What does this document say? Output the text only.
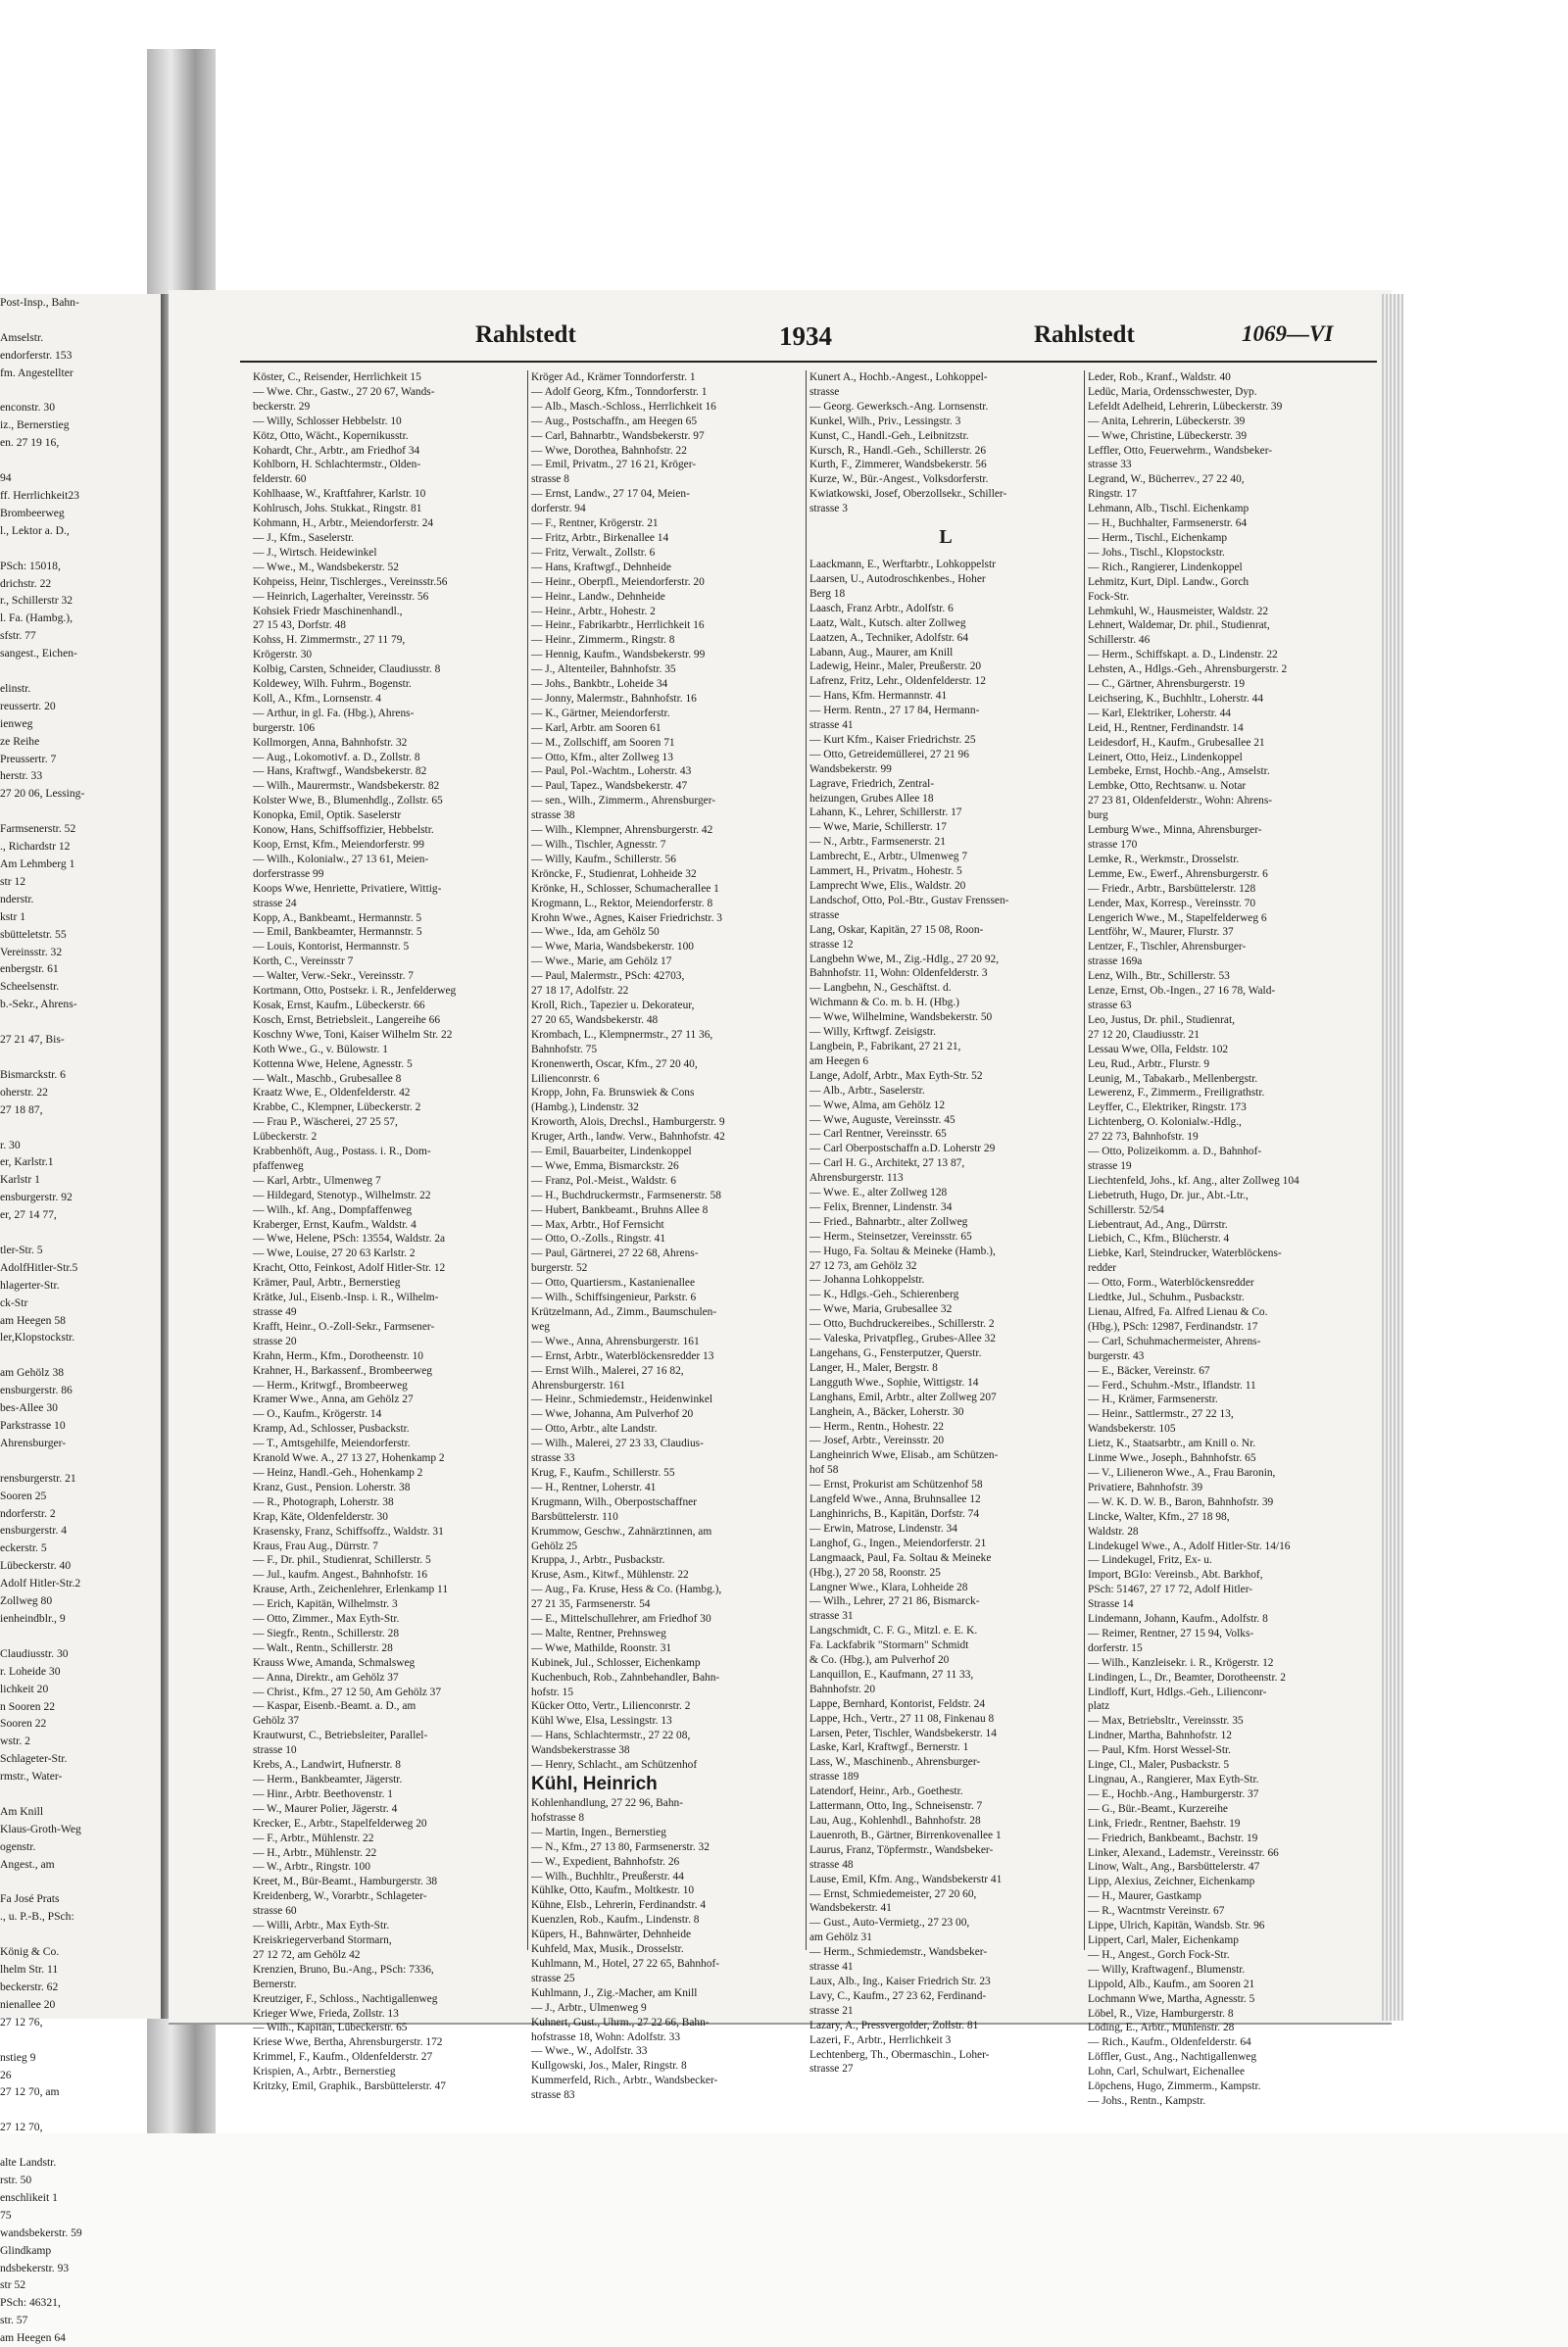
Post-Insp., Bahn-

Amselstr.
endorferstr. 153
fm. Angestellter

enconstr. 30
iz., Bernerstieg
en. 27 19 16,

94
ff. Herrlichkeit23
Brombeerweg
l., Lektor a. D.,

PSch: 15018,
drichstr. 22
r., Schillerstr 32
l. Fa. (Hambg.),
sfstr. 77
sangest., Eichen-

elinstr.
reussertr. 20
ienweg
ze Reihe
Preussertr. 7
herstr. 33
27 20 06, Lessing-

Farmsenerstr. 52
., Richardstr 12
Am Lehmberg 1
str 12
nderstr.
kstr 1
sbütteletstr. 55
Vereinsstr. 32
enbergstr. 61
Scheelsenstr.
b.-Sekr., Ahrens-

27 21 47, Bis-

Bismarckstr. 6
oherstr. 22
27 18 87,

r. 30
er, Karlstr.1
Karlstr 1
ensburgerstr. 92
er, 27 14 77,

tler-Str. 5
AdolfHitler-Str.5
hlagerter-Str.
ck-Str
am Heegen 58
ler,Klopstockstr.

am Gehölz 38
ensburgerstr. 86
bes-Allee 30
Parkstrasse 10
Ahrensburger-

rensburgerstr. 21
Sooren 25
ndorferstr. 2
ensburgerstr. 4
eckerstr. 5
Lübeckerstr. 40
Adolf Hitler-Str.2
Zollweg 80
ienheindblr., 9

Claudiusstr. 30
r. Loheide 30
lichkeit 20
n Sooren 22
Sooren 22
wstr. 2
Schlageter-Str.
rmstr., Water-

Am Knill
Klaus-Groth-Weg
ogenstr.
Angest., am

Fa José Prats
., u. P.-B., PSch:

König & Co.
lhelm Str. 11
beckerstr. 62
nienallee 20
27 12 76,

nstieg 9
26
27 12 70, am

27 12 70,

alte Landstr.
rstr. 50
enschlikeit 1
75
wandsbekerstr. 59
Glindkamp
ndsbekerstr. 93
str 52
PSch: 46321,
str. 57
am Heegen 64
Rahlstedt	1934	Rahlstedt	1069—VI
Köster, C., Reisender, Herrlichkeit 15
— Wwe. Chr., Gastw., 27 20 67, Wands-
beckerstr. 29
— Willy, Schlosser Hebbelstr. 10
Kötz, Otto, Wächt., Kopernikusstr.
Kohardt, Chr., Arbtr., am Friedhof 34
Kohlborn, H. Schlachtermstr., Olden-
felderstr. 60
Kohlhaase, W., Kraftfahrer, Karlstr. 10
Kohlrusch, Johs. Stukkat., Ringstr. 81
Kohmann, H., Arbtr., Meiendorferstr. 24
— J., Kfm., Saselerstr.
— J., Wirtsch. Heidewinkel
— Wwe., M., Wandsbekerstr. 52
Kohpeiss, Heinr, Tischlerges., Vereinsstr.56
— Heinrich, Lagerhalter, Vereinsstr. 56
Kohsiek Friedr Maschinenhandl.,
27 15 43, Dorfstr. 48
Kohss, H. Zimmermstr., 27 11 79,
Krögerstr. 30
Kolbig, Carsten, Schneider, Claudiusstr. 8
Koldewey, Wilh. Fuhrm., Bogenstr.
Koll, A., Kfm., Lornsenstr. 4
— Arthur, in gl. Fa. (Hbg.), Ahrens-
burgerstr. 106
Kollmorgen, Anna, Bahnhofstr. 32
— Aug., Lokomotivf. a. D., Zollstr. 8
— Hans, Kraftwgf., Wandsbekerstr. 82
— Wilh., Maurermstr., Wandsbekerstr. 82
Kolster Wwe, B., Blumenhdlg., Zollstr. 65
Konopka, Emil, Optik. Saselerstr
Konow, Hans, Schiffsoffizier, Hebbelstr.
Koop, Ernst, Kfm., Meiendorferstr. 99
— Wilh., Kolonialw., 27 13 61, Meien-
dorferstrasse 99
Koops Wwe, Henriette, Privatiere, Wittig-
strasse 24
Kopp, A., Bankbeamt., Hermannstr. 5
— Emil, Bankbeamter, Hermannstr. 5
— Louis, Kontorist, Hermannstr. 5
Korth, C., Vereinsstr 7
— Walter, Verw.-Sekr., Vereinsstr. 7
Kortmann, Otto, Postsekr. i. R., Jenfelderweg
Kosak, Ernst, Kaufm., Lübeckerstr. 66
Kosch, Ernst, Betriebsleit., Langereihe 66
Koschny Wwe, Toni, Kaiser Wilhelm Str. 22
Koth Wwe., G., v. Bülowstr. 1
Kottenna Wwe, Helene, Agnesstr. 5
— Walt., Maschb., Grubesallee 8
Kraatz Wwe, E., Oldenfelderstr. 42
Krabbe, C., Klempner, Lübeckerstr. 2
— Frau P., Wäscherei, 27 25 57,
Lübeckerstr. 2
Krabbenhöft, Aug., Postass. i. R., Dom-
pfaffenweg
— Karl, Arbtr., Ulmenweg 7
— Hildegard, Stenotyp., Wilhelmstr. 22
— Wilh., kf. Ang., Dompfaffenweg
Kraberger, Ernst, Kaufm., Waldstr. 4
— Wwe, Helene, PSch: 13554, Waldstr. 2a
— Wwe, Louise, 27 20 63 Karlstr. 2
Kracht, Otto, Feinkost, Adolf Hitler-Str. 12
Krämer, Paul, Arbtr., Bernerstieg
Krätke, Jul., Eisenb.-Insp. i. R., Wilhelm-
strasse 49
Krafft, Heinr., O.-Zoll-Sekr., Farmsener-
strasse 20
Krahn, Herm., Kfm., Dorotheenstr. 10
Krahner, H., Barkassenf., Brombeerweg
— Herm., Kritwgf., Brombeerweg
Kramer Wwe., Anna, am Gehölz 27
— O., Kaufm., Krögerstr. 14
Kramp, Ad., Schlosser, Pusbackstr.
— T., Amtsgehilfe, Meiendorferstr.
Kranold Wwe. A., 27 13 27, Hohenkamp 2
— Heinz, Handl.-Geh., Hohenkamp 2
Kranz, Gust., Pension. Loherstr. 38
— R., Photograph, Loherstr. 38
Krap, Käte, Oldenfelderstr. 30
Krasensky, Franz, Schiffsoffz., Waldstr. 31
Kraus, Frau Aug., Dürrstr. 7
— F., Dr. phil., Studienrat, Schillerstr. 5
— Jul., kaufm. Angest., Bahnhofstr. 16
Krause, Arth., Zeichenlehrer, Erlenkamp 11
— Erich, Kapitän, Wilhelmstr. 3
— Otto, Zimmer., Max Eyth-Str.
— Siegfr., Rentn., Schillerstr. 28
— Walt., Rentn., Schillerstr. 28
Krauss Wwe, Amanda, Schmalsweg
— Anna, Direktr., am Gehölz 37
— Christ., Kfm., 27 12 50, Am Gehölz 37
— Kaspar, Eisenb.-Beamt. a. D., am
Gehölz 37
Krautwurst, C., Betriebsleiter, Parallel-
strasse 10
Krebs, A., Landwirt, Hufnerstr. 8
— Herm., Bankbeamter, Jägerstr.
— Hinr., Arbtr. Beethovenstr. 1
— W., Maurer Polier, Jägerstr. 4
Krecker, E., Arbtr., Stapelfelderweg 20
— F., Arbtr., Mühlenstr. 22
— H., Arbtr., Mühlenstr. 22
— W., Arbtr., Ringstr. 100
Kreet, M., Bür-Beamt., Hamburgerstr. 38
Kreidenberg, W., Vorarbtr., Schlageter-
strasse 60
— Willi, Arbtr., Max Eyth-Str.
Kreiskriegerverband Stormarn,
27 12 72, am Gehölz 42
Krenzien, Bruno, Bu.-Ang., PSch: 7336,
Bernerstr.
Kreutziger, F., Schloss., Nachtigallenweg
Krieger Wwe, Frieda, Zollstr. 13
— Wilh., Kapitän, Lübeckerstr. 65
Kriese Wwe, Bertha, Ahrensburgerstr. 172
Krimmel, F., Kaufm., Oldenfelderstr. 27
Krispien, A., Arbtr., Bernerstieg
Kritzky, Emil, Graphik., Barsbüttelerstr. 47
Kröger Ad., Krämer Tonndorferstr. 1
— Adolf Georg, Kfm., Tonndorferstr. 1
— Alb., Masch.-Schloss., Herrlichkeit 16
— Aug., Postschaffn., am Heegen 65
— Carl, Bahnarbtr., Wandsbekerstr. 97
— Wwe, Dorothea, Bahnhofstr. 22
— Emil, Privatm., 27 16 21, Kröger-
strasse 8
— Ernst, Landw., 27 17 04, Meien-
dorferstr. 94
— F., Rentner, Krögerstr. 21
— Fritz, Arbtr., Birkenallee 14
— Fritz, Verwalt., Zollstr. 6
— Hans, Kraftwgf., Dehnheide
— Heinr., Oberpfl., Meiendorferstr. 20
— Heinr., Landw., Dehnheide
— Heinr., Arbtr., Hohestr. 2
— Heinr., Fabrikarbtr., Herrlichkeit 16
— Heinr., Zimmerm., Ringstr. 8
— Hennig, Kaufm., Wandsbekerstr. 99
— J., Altenteiler, Bahnhofstr. 35
— Johs., Bankbtr., Loheide 34
— Jonny, Malermstr., Bahnhofstr. 16
— K., Gärtner, Meiendorferstr.
— Karl, Arbtr. am Sooren 61
— M., Zollschiff, am Sooren 71
— Otto, Kfm., alter Zollweg 13
— Paul, Pol.-Wachtm., Loherstr. 43
— Paul, Tapez., Wandsbekerstr. 47
— sen., Wilh., Zimmerm., Ahrensburger-
strasse 38
— Wilh., Klempner, Ahrensburgerstr. 42
— Wilh., Tischler, Agnesstr. 7
— Willy, Kaufm., Schillerstr. 56
Kröncke, F., Studienrat, Lohheide 32
Krönke, H., Schlosser, Schumacherallee 1
Krogmann, L., Rektor, Meiendorferstr. 8
Krohn Wwe., Agnes, Kaiser Friedrichstr. 3
— Wwe., Ida, am Gehölz 50
— Wwe, Maria, Wandsbekerstr. 100
— Wwe., Marie, am Gehölz 17
— Paul, Malermstr., PSch: 42703,
27 18 17, Adolfstr. 22
Kroll, Rich., Tapezier u. Dekorateur,
27 20 65, Wandsbekerstr. 48
Krombach, L., Klempnermstr., 27 11 36,
Bahnhofstr. 75
Kronenwerth, Oscar, Kfm., 27 20 40,
Lilienconrstr. 6
Kropp, John, Fa. Brunswiek & Cons
(Hambg.), Lindenstr. 32
Kroworth, Alois, Drechsl., Hamburgerstr. 9
Kruger, Arth., landw. Verw., Bahnhofstr. 42
— Emil, Bauarbeiter, Lindenkoppel
— Wwe, Emma, Bismarckstr. 26
— Franz, Pol.-Meist., Waldstr. 6
— H., Buchdruckermstr., Farmsenerstr. 58
— Hubert, Bankbeamt., Bruhns Allee 8
— Max, Arbtr., Hof Fernsicht
— Otto, O.-Zolls., Ringstr. 41
— Paul, Gärtnerei, 27 22 68, Ahrens-
burgerstr. 52
— Otto, Quartiersm., Kastanienallee
— Wilh., Schiffsingenieur, Parkstr. 6
Krützelmann, Ad., Zimm., Baumschulen-
weg
— Wwe., Anna, Ahrensburgerstr. 161
— Ernst, Arbtr., Waterblöckensredder 13
— Ernst Wilh., Malerei, 27 16 82,
Ahrensburgerstr. 161
— Heinr., Schmiedemstr., Heidenwinkel
— Wwe, Johanna, Am Pulverhof 20
— Otto, Arbtr., alte Landstr.
— Wilh., Malerei, 27 23 33, Claudius-
strasse 33
Krug, F., Kaufm., Schillerstr. 55
— H., Rentner, Loherstr. 41
Krugmann, Wilh., Oberpostschaffner
Barsbüttelerstr. 110
Krummow, Geschw., Zahnärztinnen, am
Gehölz 25
Kruppa, J., Arbtr., Pusbackstr.
Kruse, Asm., Kitwf., Mühlenstr. 22
— Aug., Fa. Kruse, Hess & Co. (Hambg.),
27 21 35, Farmsenerstr. 54
— E., Mittelschullehrer, am Friedhof 30
— Malte, Rentner, Prehnsweg
— Wwe, Mathilde, Roonstr. 31
Kubinek, Jul., Schlosser, Eichenkamp
Kuchenbuch, Rob., Zahnbehandler, Bahn-
hofstr. 15
Kücker Otto, Vertr., Lilienconrstr. 2
Kühl Wwe, Elsa, Lessingstr. 13
— Hans, Schlachtermstr., 27 22 08,
Wandsbekerstrasse 38
— Henry, Schlacht., am Schützenhof
Kühl, Heinrich
Kohlenhandlung, 27 22 96, Bahn-
hofstrasse 8
— Martin, Ingen., Bernerstieg
— N., Kfm., 27 13 80, Farmsenerstr. 32
— W., Expedient, Bahnhofstr. 26
— Wilh., Buchhltr., Preußerstr. 44
Kühlke, Otto, Kaufm., Moltkestr. 10
Kühne, Elsb., Lehrerin, Ferdinandstr. 4
Kuenzlen, Rob., Kaufm., Lindenstr. 8
Küpers, H., Bahnwärter, Dehnheide
Kuhfeld, Max, Musik., Drosselstr.
Kuhlmann, M., Hotel, 27 22 65, Bahnhof-
strasse 25
Kuhlmann, J., Zig.-Macher, am Knill
— J., Arbtr., Ulmenweg 9
Kuhnert, Gust., Uhrm., 27 22 66, Bahn-
hofstrasse 18, Wohn: Adolfstr. 33
— Wwe., W., Adolfstr. 33
Kullgowski, Jos., Maler, Ringstr. 8
Kummerfeld, Rich., Arbtr., Wandsbecker-
strasse 83
Kunert A., Hochb.-Angest., Lohkoppel-
strasse
— Georg. Gewerksch.-Ang. Lornsenstr.
Kunkel, Wilh., Priv., Lessingstr. 3
Kunst, C., Handl.-Geh., Leibnitzstr.
Kursch, R., Handl.-Geh., Schillerstr. 26
Kurth, F., Zimmerer, Wandsbekerstr. 56
Kurze, W., Bür.-Angest., Volksdorferstr.
Kwiatkowski, Josef, Oberzollsekr., Schiller-
strasse 3
L
Laackmann, E., Werftarbtr., Lohkoppelstr
Laarsen, U., Autodroschkenbes., Hoher
Berg 18
Laasch, Franz Arbtr., Adolfstr. 6
Laatz, Walt., Kutsch. alter Zollweg
Laatzen, A., Techniker, Adolfstr. 64
Labann, Aug., Maurer, am Knill
Ladewig, Heinr., Maler, Preußerstr. 20
Lafrenz, Fritz, Lehr., Oldenfelderstr. 12
— Hans, Kfm. Hermannstr. 41
— Herm. Rentn., 27 17 84, Hermann-
strasse 41
— Kurt Kfm., Kaiser Friedrichstr. 25
— Otto, Getreidemüllerei, 27 21 96
Wandsbekerstr. 99
Lagrave, Friedrich, Zentral-
heizungen, Grubes Allee 18
Lahann, K., Lehrer, Schillerstr. 17
— Wwe, Marie, Schillerstr. 17
— N., Arbtr., Farmsenerstr. 21
Lambrecht, E., Arbtr., Ulmenweg 7
Lammert, H., Privatm., Hohestr. 5
Lamprecht Wwe, Elis., Waldstr. 20
Landschof, Otto, Pol.-Btr., Gustav Frenssen-
strasse
Lang, Oskar, Kapitän, 27 15 08, Roon-
strasse 12
Langbehn Wwe, M., Zig.-Hdlg., 27 20 92,
Bahnhofstr. 11, Wohn: Oldenfelderstr. 3
— Langbehn, N., Geschäftst. d.
Wichmann & Co. m. b. H. (Hbg.)
— Wwe, Wilhelmine, Wandsbekerstr. 50
— Willy, Krftwgf. Zeisigstr.
Langbein, P., Fabrikant, 27 21 21,
am Heegen 6
Lange, Adolf, Arbtr., Max Eyth-Str. 52
— Alb., Arbtr., Saselerstr.
— Wwe, Alma, am Gehölz 12
— Wwe, Auguste, Vereinsstr. 45
— Carl Rentner, Vereinsstr. 65
— Carl Oberpostschaffn a.D. Loherstr 29
— Carl H. G., Architekt, 27 13 87,
Ahrensburgerstr. 113
— Wwe. E., alter Zollweg 128
— Felix, Brenner, Lindenstr. 34
— Fried., Bahnarbtr., alter Zollweg
— Herm., Steinsetzer, Vereinsstr. 65
— Hugo, Fa. Soltau & Meineke (Hamb.),
27 12 73, am Gehölz 32
— Johanna Lohkoppelstr.
— K., Hdlgs.-Geh., Schierenberg
— Wwe, Maria, Grubesallee 32
— Otto, Buchdruckereibes., Schillerstr. 2
— Valeska, Privatpfleg., Grubes-Allee 32
Langehans, G., Fensterputzer, Querstr.
Langer, H., Maler, Bergstr. 8
Langguth Wwe., Sophie, Wittigstr. 14
Langhans, Emil, Arbtr., alter Zollweg 207
Langhein, A., Bäcker, Loherstr. 30
— Herm., Rentn., Hohestr. 22
— Josef, Arbtr., Vereinsstr. 20
Langheinrich Wwe, Elisab., am Schützen-
hof 58
— Ernst, Prokurist am Schützenhof 58
Langfeld Wwe., Anna, Bruhnsallee 12
Langhinrichs, B., Kapitän, Dorfstr. 74
— Erwin, Matrose, Lindenstr. 34
Langhof, G., Ingen., Meiendorferstr. 21
Langmaack, Paul, Fa. Soltau & Meineke
(Hbg.), 27 20 58, Roonstr. 25
Langner Wwe., Klara, Lohheide 28
— Wilh., Lehrer, 27 21 86, Bismarck-
strasse 31
Langschmidt, C. F. G., Mitzl. e. E. K.
Fa. Lackfabrik "Stormarn" Schmidt
& Co. (Hbg.), am Pulverhof 20
Lanquillon, E., Kaufmann, 27 11 33,
Bahnhofstr. 20
Lappe, Bernhard, Kontorist, Feldstr. 24
Lappe, Hch., Vertr., 27 11 08, Finkenau 8
Larsen, Peter, Tischler, Wandsbekerstr. 14
Laske, Karl, Kraftwgf., Bernerstr. 1
Lass, W., Maschinenb., Ahrensburger-
strasse 189
Latendorf, Heinr., Arb., Goethestr.
Lattermann, Otto, Ing., Schneisenstr. 7
Lau, Aug., Kohlenhdl., Bahnhofstr. 28
Lauenroth, B., Gärtner, Birrenkovenallee 1
Laurus, Franz, Töpfermstr., Wandsbeker-
strasse 48
Lause, Emil, Kfm. Ang., Wandsbekerstr 41
— Ernst, Schmiedemeister, 27 20 60,
Wandsbekerstr. 41
— Gust., Auto-Vermietg., 27 23 00,
am Gehölz 31
— Herm., Schmiedemstr., Wandsbeker-
strasse 41
Laux, Alb., Ing., Kaiser Friedrich Str. 23
Lavy, C., Kaufm., 27 23 62, Ferdinand-
strasse 21
Lazary, A., Pressvergolder, Zollstr. 81
Lazeri, F., Arbtr., Herrlichkeit 3
Lechtenberg, Th., Obermaschin., Loher-
strasse 27
Leder, Rob., Kranf., Waldstr. 40
Ledüc, Maria, Ordensschwester, Dyp.
Lefeldt Adelheid, Lehrerin, Lübeckerstr. 39
— Anita, Lehrerin, Lübeckerstr. 39
— Wwe, Christine, Lübeckerstr. 39
Leffler, Otto, Feuerwehrm., Wandsbeker-
strasse 33
Legrand, W., Bücherrev., 27 22 40,
Ringstr. 17
Lehmann, Alb., Tischl. Eichenkamp
— H., Buchhalter, Farmsenerstr. 64
— Herm., Tischl., Eichenkamp
— Johs., Tischl., Klopstockstr.
— Rich., Rangierer, Lindenkoppel
Lehmitz, Kurt, Dipl. Landw., Gorch
Fock-Str.
Lehmkuhl, W., Hausmeister, Waldstr. 22
Lehnert, Waldemar, Dr. phil., Studienrat,
Schillerstr. 46
— Herm., Schiffskapt. a. D., Lindenstr. 22
Lehsten, A., Hdlgs.-Geh., Ahrensburgerstr. 2
— C., Gärtner, Ahrensburgerstr. 19
Leichsering, K., Buchhltr., Loherstr. 44
— Karl, Elektriker, Loherstr. 44
Leid, H., Rentner, Ferdinandstr. 14
Leidesdorf, H., Kaufm., Grubesallee 21
Leinert, Otto, Heiz., Lindenkoppel
Lembeke, Ernst, Hochb.-Ang., Amselstr.
Lembke, Otto, Rechtsanw. u. Notar
27 23 81, Oldenfelderstr., Wohn: Ahrens-
burg
Lemburg Wwe., Minna, Ahrensburger-
strasse 170
Lemke, R., Werkmstr., Drosselstr.
Lemme, Ew., Ewerf., Ahrensburgerstr. 6
— Friedr., Arbtr., Barsbüttelerstr. 128
Lender, Max, Korresp., Vereinsstr. 70
Lengerich Wwe., M., Stapelfelderweg 6
Lentföhr, W., Maurer, Flurstr. 37
Lentzer, F., Tischler, Ahrensburger-
strasse 169a
Lenz, Wilh., Btr., Schillerstr. 53
Lenze, Ernst, Ob.-Ingen., 27 16 78, Wald-
strasse 63
Leo, Justus, Dr. phil., Studienrat,
27 12 20, Claudiusstr. 21
Lessau Wwe, Olla, Feldstr. 102
Leu, Rud., Arbtr., Flurstr. 9
Leunig, M., Tabakarb., Mellenbergstr.
Lewerenz, F., Zimmerm., Freiligrathstr.
Leyffer, C., Elektriker, Ringstr. 173
Lichtenberg, O. Kolonialw.-Hdlg.,
27 22 73, Bahnhofstr. 19
— Otto, Polizeikomm. a. D., Bahnhof-
strasse 19
Liechtenfeld, Johs., kf. Ang., alter Zollweg 104
Liebetruth, Hugo, Dr. jur., Abt.-Ltr.,
Schillerstr. 52/54
Liebentraut, Ad., Ang., Dürrstr.
Liebich, C., Kfm., Blücherstr. 4
Liebke, Karl, Steindrucker, Waterblöckens-
redder
— Otto, Form., Waterblöckensredder
Liedtke, Jul., Schuhm., Pusbackstr.
Lienau, Alfred, Fa. Alfred Lienau & Co.
(Hbg.), PSch: 12987, Ferdinandstr. 17
— Carl, Schuhmachermeister, Ahrens-
burgerstr. 43
— E., Bäcker, Vereinstr. 67
— Ferd., Schuhm.-Mstr., Iflandstr. 11
— H., Krämer, Farmsenerstr.
— Heinr., Sattlermstr., 27 22 13,
Wandsbekerstr. 105
Lietz, K., Staatsarbtr., am Knill o. Nr.
Linme Wwe., Joseph., Bahnhofstr. 65
— V., Lilieneron Wwe., A., Frau Baronin,
Privatiere, Bahnhofstr. 39
— W. K. D. W. B., Baron, Bahnhofstr. 39
Lincke, Walter, Kfm., 27 18 98,
Waldstr. 28
Lindekugel Wwe., A., Adolf Hitler-Str. 14/16
— Lindekugel, Fritz, Ex- u.
Import, BGIo: Vereinsb., Abt. Barkhof,
PSch: 51467, 27 17 72, Adolf Hitler-
Strasse 14
Lindemann, Johann, Kaufm., Adolfstr. 8
— Reimer, Rentner, 27 15 94, Volks-
dorferstr. 15
— Wilh., Kanzleisekr. i. R., Krögerstr. 12
Lindingen, L., Dr., Beamter, Dorotheenstr. 2
Lindloff, Kurt, Hdlgs.-Geh., Lilienconr-
platz
— Max, Betriebsltr., Vereinsstr. 35
Lindner, Martha, Bahnhofstr. 12
— Paul, Kfm. Horst Wessel-Str.
Linge, Cl., Maler, Pusbackstr. 5
Lingnau, A., Rangierer, Max Eyth-Str.
— E., Hochb.-Ang., Hamburgerstr. 37
— G., Bür.-Beamt., Kurzereihe
Link, Friedr., Rentner, Baehstr. 19
— Friedrich, Bankbeamt., Bachstr. 19
Linker, Alexand., Lademstr., Vereinsstr. 66
Linow, Walt., Ang., Barsbüttelerstr. 47
Lipp, Alexius, Zeichner, Eichenkamp
— H., Maurer, Gastkamp
— R., Wacntmstr Vereinstr. 67
Lippe, Ulrich, Kapitän, Wandsb. Str. 96
Lippert, Carl, Maler, Eichenkamp
— H., Angest., Gorch Fock-Str.
— Willy, Kraftwagenf., Blumenstr.
Lippold, Alb., Kaufm., am Sooren 21
Lochmann Wwe, Martha, Agnesstr. 5
Löbel, R., Vize, Hamburgerstr. 8
Löding, E., Arbtr., Mühlenstr. 28
— Rich., Kaufm., Oldenfelderstr. 64
Löffler, Gust., Ang., Nachtigallenweg
Lohn, Carl, Schulwart, Eichenallee
Löpchens, Hugo, Zimmerm., Kampstr.
— Johs., Rentn., Kampstr.
